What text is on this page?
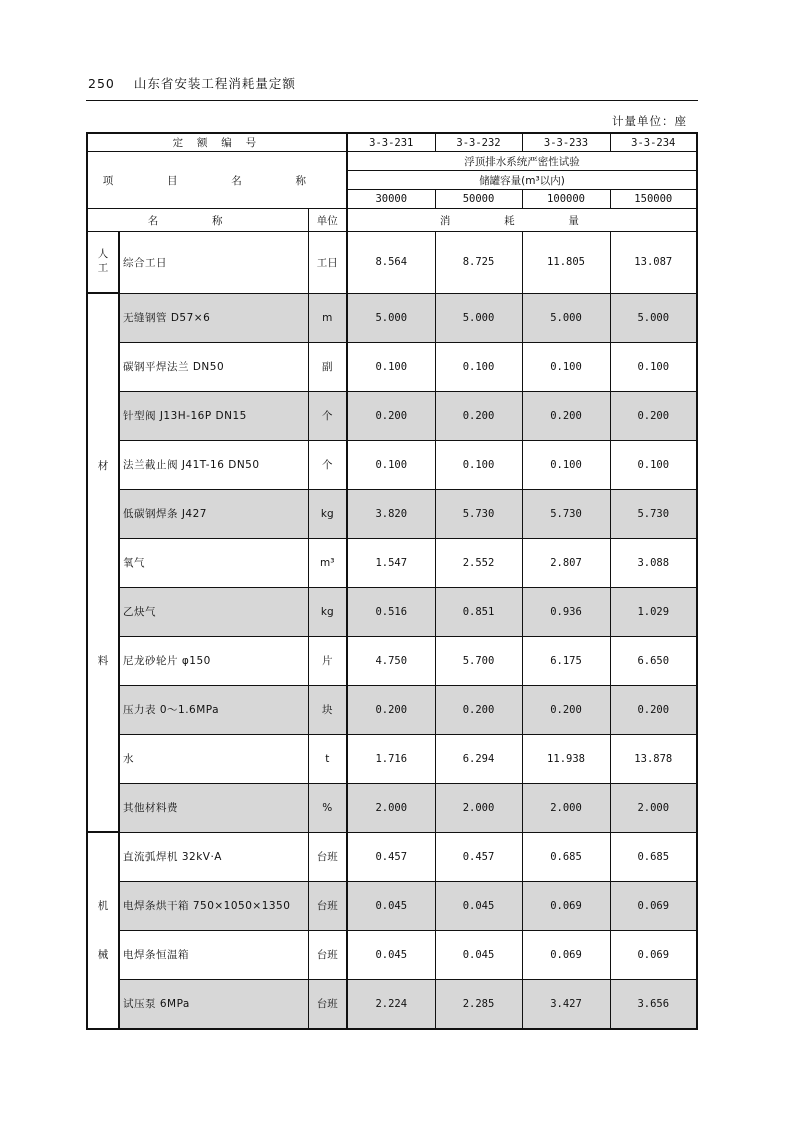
250 山东省安装工程消耗量定额
计量单位：座
定 额 编 号			3-3-231	3-3-232	3-3-233	3-3-234
项 目 名 称			浮顶排水系统严密性试验			
			储罐容量(m³以内)			
			30000	50000	100000	150000
名 称		单位	消 耗 量			

人工	综合工日	工日	8.564	8.725	11.805	13.087

材
料	无缝钢管 D57×6	m	5.000	5.000	5.000	5.000
	碳钢平焊法兰 DN50	副	0.100	0.100	0.100	0.100
	针型阀 J13H-16P DN15	个	0.200	0.200	0.200	0.200
	法兰截止阀 J41T-16 DN50	个	0.100	0.100	0.100	0.100
	低碳钢焊条 J427	kg	3.820	5.730	5.730	5.730
	氧气	m³	1.547	2.552	2.807	3.088
	乙炔气	kg	0.516	0.851	0.936	1.029
	尼龙砂轮片 φ150	片	4.750	5.700	6.175	6.650
	压力表 0～1.6MPa	块	0.200	0.200	0.200	0.200
	水	t	1.716	6.294	11.938	13.878
	其他材料费	%	2.000	2.000	2.000	2.000

机
械	直流弧焊机 32kV·A	台班	0.457	0.457	0.685	0.685
	电焊条烘干箱 750×1050×1350	台班	0.045	0.045	0.069	0.069
	电焊条恒温箱	台班	0.045	0.045	0.069	0.069
	试压泵 6MPa	台班	2.224	2.285	3.427	3.656
